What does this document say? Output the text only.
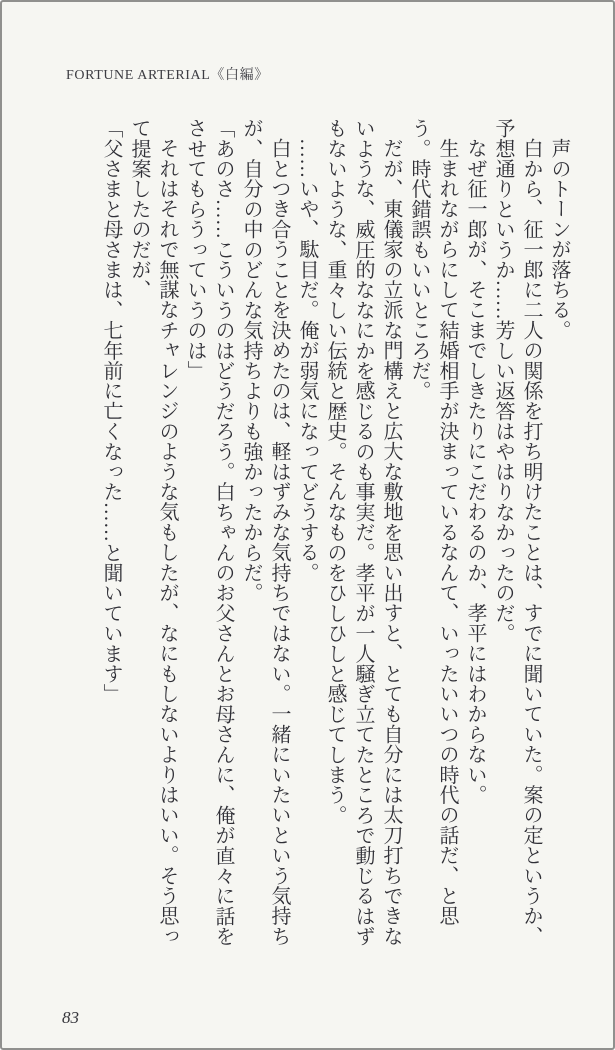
FORTUNE ARTERIAL《白編》

声のトーンが落ちる。

白から、征一郎に二人の関係を打ち明けたことは、すでに聞いていた。案の定というか、予想通りというか……芳しい返答はやはりなかったのだ。

なぜ征一郎が、そこまでしきたりにこだわるのか、孝平にはわからない。

生まれながらにして結婚相手が決まっているなんて、いったいいつの時代の話だ、と思う。時代錯誤もいいところだ。

だが、東儀家の立派な門構えと広大な敷地を思い出すと、とても自分には太刀打ちできないような、威圧的ななにかを感じるのも事実だ。孝平が一人騒ぎ立てたところで動じるはずもないような、重々しい伝統と歴史。そんなものをひしひしと感じてしまう。

……いや、駄目だ。俺が弱気になってどうする。

白とつき合うことを決めたのは、軽はずみな気持ちではない。一緒にいたいという気持ちが、自分の中のどんな気持ちよりも強かったからだ。

「あのさ……こういうのはどうだろう。白ちゃんのお父さんとお母さんに、俺が直々に話をさせてもらうっていうのは」

それはそれで無謀なチャレンジのような気もしたが、なにもしないよりはいい。そう思って提案したのだが、

「父さまと母さまは、七年前に亡くなった……と聞いています」

83
